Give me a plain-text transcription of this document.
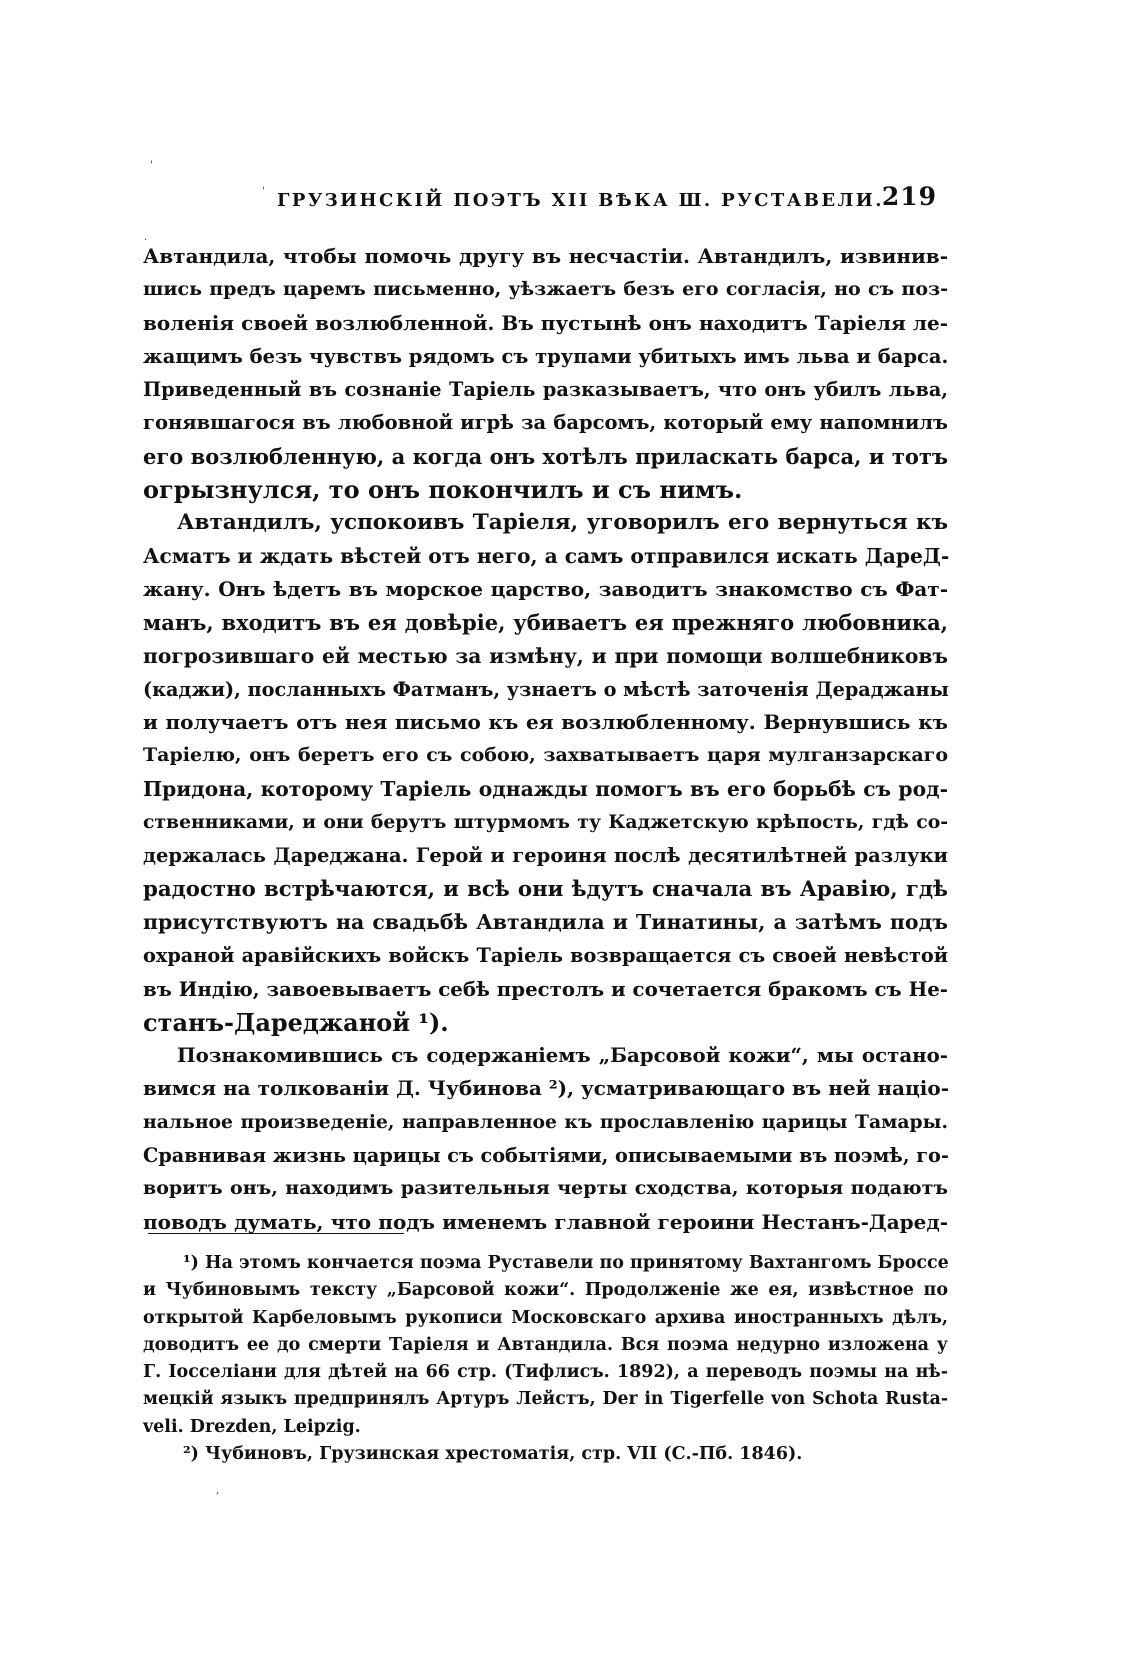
'
'
.
,
ГРУЗИНСКІЙ ПОЭТЪ XII ВѢКА Ш. РУСТАВЕЛИ.
219
Автандила, чтобы помочь другу въ несчастіи. Автандилъ, извинив-
шись предъ царемъ письменно, уѣзжаетъ безъ его согласія, но съ поз-
воленія своей возлюбленной. Въ пустынѣ онъ находитъ Таріеля ле-
жащимъ безъ чувствъ рядомъ съ трупами убитыхъ имъ льва и барса.
Приведенный въ сознаніе Таріель разказываетъ, что онъ убилъ льва,
гонявшагося въ любовной игрѣ за барсомъ, который ему напомнилъ
его возлюбленную, а когда онъ хотѣлъ приласкать барса, и тотъ
огрызнулся, то онъ покончилъ и съ нимъ.
Автандилъ, успокоивъ Таріеля, уговорилъ его вернуться къ
Асматъ и ждать вѣстей отъ него, а самъ отправился искать ДареД-
жану. Онъ ѣдетъ въ морское царство, заводитъ знакомство съ Фат-
манъ, входитъ въ ея довѣріе, убиваетъ ея прежняго любовника,
погрозившаго ей местью за измѣну, и при помощи волшебниковъ
(каджи), посланныхъ Фатманъ, узнаетъ о мѣстѣ заточенія Дераджаны
и получаетъ отъ нея письмо къ ея возлюбленному. Вернувшись къ
Таріелю, онъ беретъ его съ собою, захватываетъ царя мулганзарскаго
Придона, которому Таріель однажды помогъ въ его борьбѣ съ род-
ственниками, и они берутъ штурмомъ ту Каджетскую крѣпость, гдѣ со-
держалась Дареджана. Герой и героиня послѣ десятилѣтней разлуки
радостно встрѣчаются, и всѣ они ѣдутъ сначала въ Аравію, гдѣ
присутствуютъ на свадьбѣ Автандила и Тинатины, а затѣмъ подъ
охраной аравійскихъ войскъ Таріель возвращается съ своей невѣстой
въ Индію, завоевываетъ себѣ престолъ и сочетается бракомъ съ Не-
станъ-Дареджаной ¹).
Познакомившись съ содержаніемъ „Барсовой кожи“, мы остано-
вимся на толкованіи Д. Чубинова ²), усматривающаго въ ней націо-
нальное произведеніе, направленное къ прославленію царицы Тамары.
Сравнивая жизнь царицы съ событіями, описываемыми въ поэмѣ, го-
воритъ онъ, находимъ разительныя черты сходства, которыя подаютъ
поводъ думать, что подъ именемъ главной героини Нестанъ-Даред-
¹) На этомъ кончается поэма Руставели по принятому Вахтангомъ Броссе
и Чубиновымъ тексту „Барсовой кожи“. Продолженіе же ея, извѣстное по
открытой Карбеловымъ рукописи Московскаго архива иностранныхъ дѣлъ,
доводитъ ее до смерти Таріеля и Автандила. Вся поэма недурно изложена у
Г. Іосселіани для дѣтей на 66 стр. (Тифлисъ. 1892), а переводъ поэмы на нѣ-
мецкій языкъ предпринялъ Артуръ Лейстъ, Der in Tigerfelle von Schota Rusta-
veli. Drezden, Leipzig.
²) Чубиновъ, Грузинская хрестоматія, стр. VII (С.-Пб. 1846).
